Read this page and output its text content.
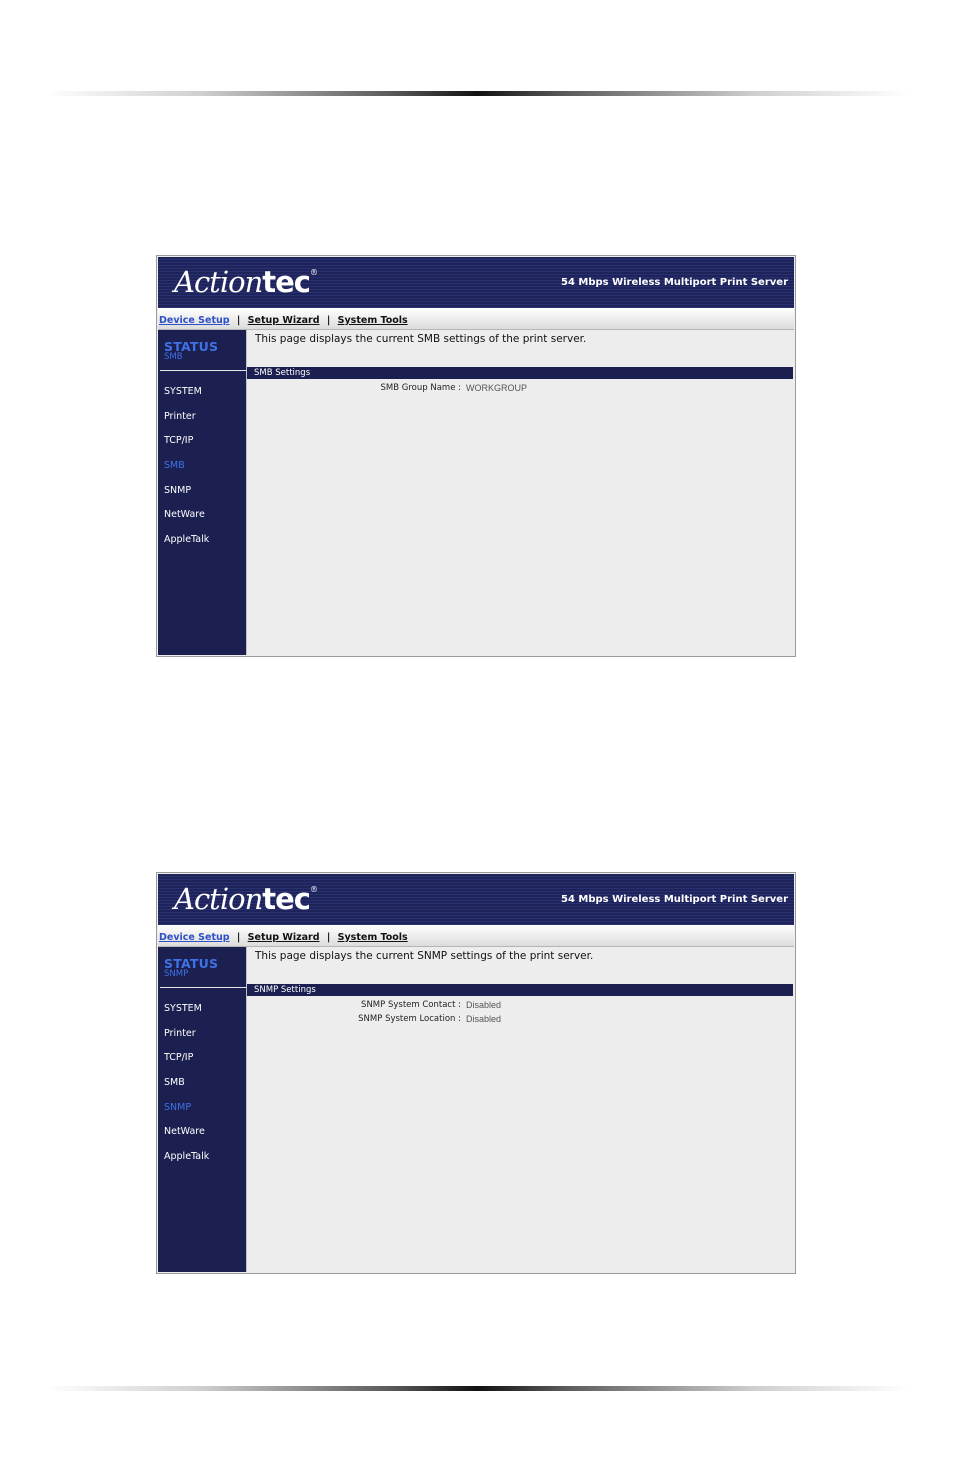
Actiontec®
54 Mbps Wireless Multiport Print Server
Device Setup | Setup Wizard | System Tools
STATUS
SMB
SYSTEM
Printer
TCP/IP
SMB
SNMP
NetWare
AppleTalk
This page displays the current SMB settings of the print server.
SMB Settings
SMB Group Name : WORKGROUP
Actiontec®
54 Mbps Wireless Multiport Print Server
Device Setup | Setup Wizard | System Tools
STATUS
SNMP
SYSTEM
Printer
TCP/IP
SMB
SNMP
NetWare
AppleTalk
This page displays the current SNMP settings of the print server.
SNMP Settings
SNMP System Contact : Disabled
SNMP System Location : Disabled
